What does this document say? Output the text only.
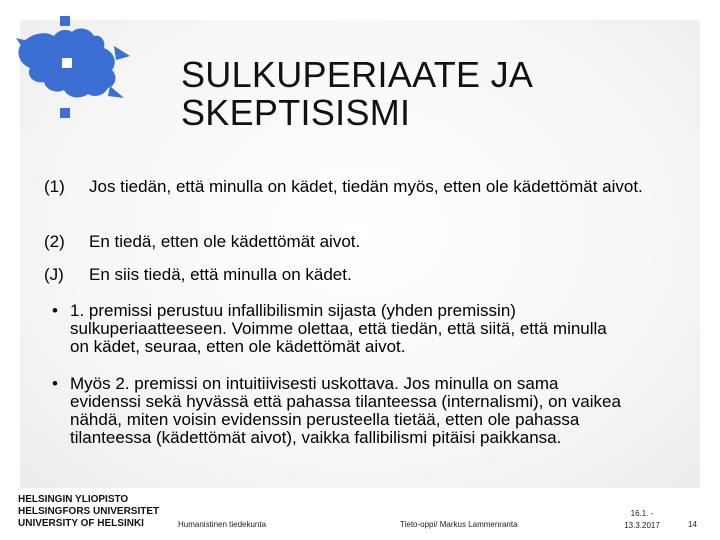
SULKUPERIAATE JA
SKEPTISISMI
(1)	Jos tiedän, että minulla on kädet, tiedän myös, etten ole kädettömät aivot.
(2)	En tiedä, etten ole kädettömät aivot.
(J)	En siis tiedä, että minulla on kädet.
• 1. premissi perustuu infallibilismin sijasta (yhden premissin)
sulkuperiaatteeseen. Voimme olettaa, että tiedän, että siitä, että minulla
on kädet, seuraa, etten ole kädettömät aivot.
• Myös 2. premissi on intuitiivisesti uskottava. Jos minulla on sama
evidenssi sekä hyvässä että pahassa tilanteessa (internalismi), on vaikea
nähdä, miten voisin evidenssin perusteella tietää, etten ole pahassa
tilanteessa (kädettömät aivot), vaikka fallibilismi pitäisi paikkansa.
HELSINGIN YLIOPISTO
HELSINGFORS UNIVERSITET
UNIVERSITY OF HELSINKI	Humanistinen tiedekunta	Tieto-oppi/ Markus Lammenranta
16.1. -
13.3.2017	14
